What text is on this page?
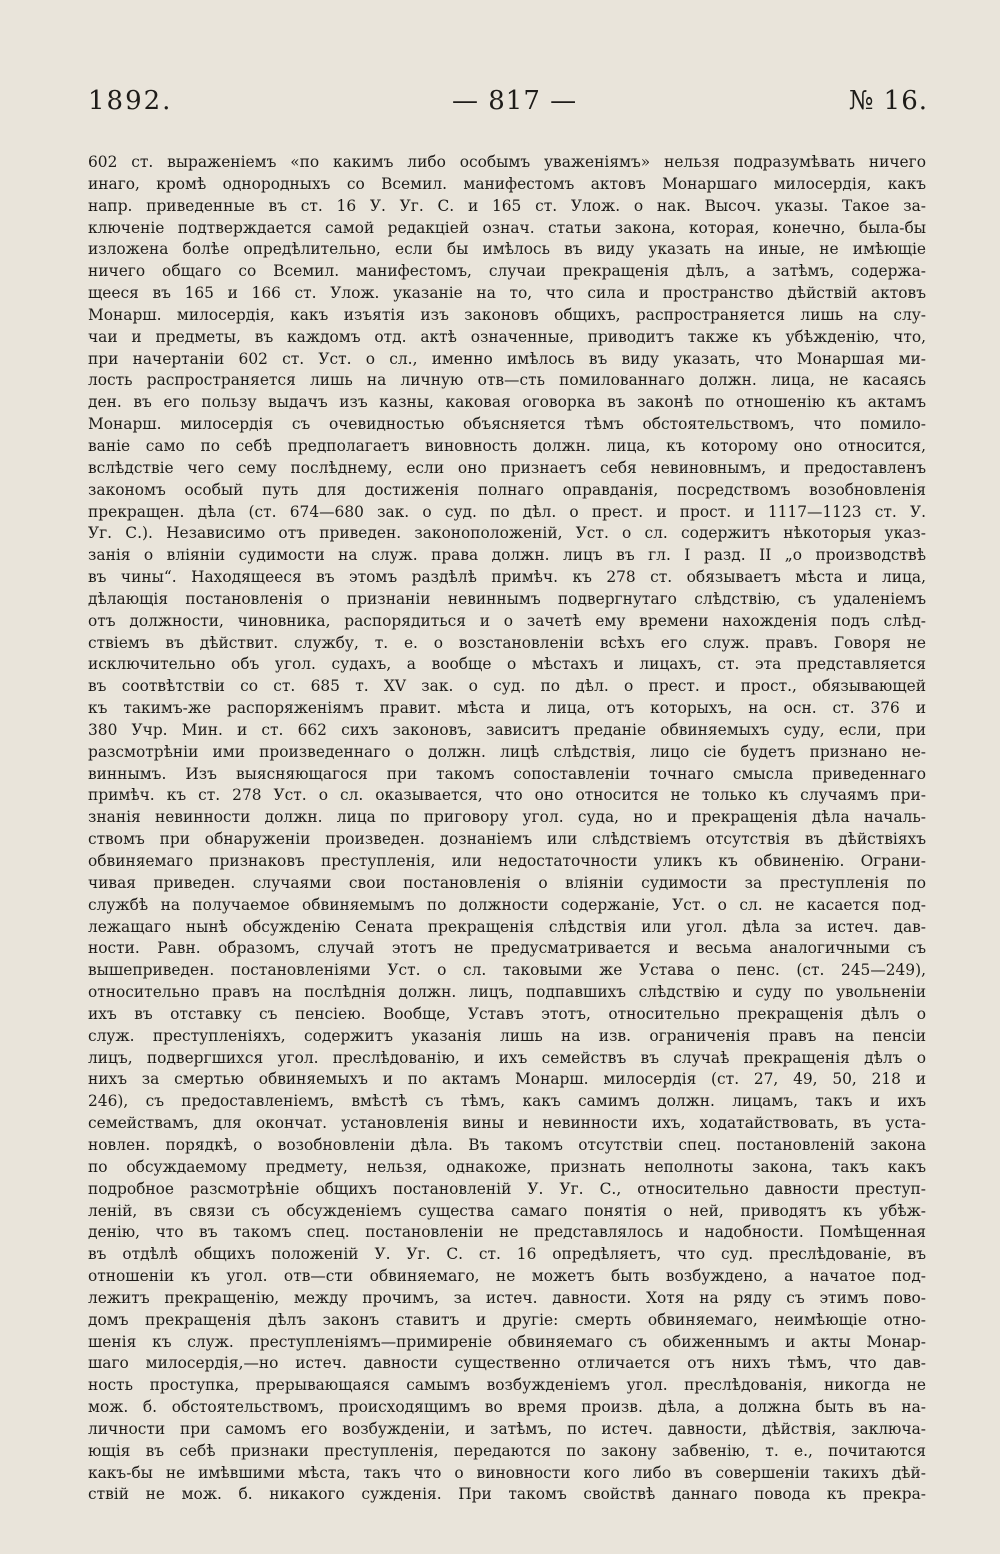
1892.	— 817 —	№ 16.
602 ст. выраженіемъ «по какимъ либо особымъ уваженіямъ» нельзя подразумѣвать ничего
инаго, кромѣ однородныхъ со Всемил. манифестомъ актовъ Монаршаго милосердія, какъ
напр. приведенные въ ст. 16 У. Уг. С. и 165 ст. Улож. о нак. Высоч. указы. Такое за-
ключеніе подтверждается самой редакціей означ. статьи закона, которая, конечно, была-бы
изложена болѣе опредѣлительно, если бы имѣлось въ виду указать на иные, не имѣющіе
ничего общаго со Всемил. манифестомъ, случаи прекращенія дѣлъ, а затѣмъ, содержа-
щееся въ 165 и 166 ст. Улож. указаніе на то, что сила и пространство дѣйствій актовъ
Монарш. милосердія, какъ изъятія изъ законовъ общихъ, распространяется лишь на слу-
чаи и предметы, въ каждомъ отд. актѣ означенные, приводитъ также къ убѣжденію, что,
при начертаніи 602 ст. Уст. о сл., именно имѣлось въ виду указать, что Монаршая ми-
лость распространяется лишь на личную отв—сть помилованнаго должн. лица, не касаясь
ден. въ его пользу выдачъ изъ казны, каковая оговорка въ законѣ по отношенію къ актамъ
Монарш. милосердія съ очевидностью объясняется тѣмъ обстоятельствомъ, что помило-
ваніе само по себѣ предполагаетъ виновность должн. лица, къ которому оно относится,
вслѣдствіе чего сему послѣднему, если оно признаетъ себя невиновнымъ, и предоставленъ
закономъ особый путь для достиженія полнаго оправданія, посредствомъ возобновленія
прекращен. дѣла (ст. 674—680 зак. о суд. по дѣл. о прест. и прост. и 1117—1123 ст. У.
Уг. С.). Независимо отъ приведен. законоположеній, Уст. о сл. содержитъ нѣкоторыя указ-
занія о вліяніи судимости на служ. права должн. лицъ въ гл. I разд. II „о производствѣ
въ чины“. Находящееся въ этомъ раздѣлѣ примѣч. къ 278 ст. обязываетъ мѣста и лица,
дѣлающія постановленія о признаніи невиннымъ подвергнутаго слѣдствію, съ удаленіемъ
отъ должности, чиновника, распорядиться и о зачетѣ ему времени нахожденія подъ слѣд-
ствіемъ въ дѣйствит. службу, т. е. о возстановленіи всѣхъ его служ. правъ. Говоря не
исключительно объ угол. судахъ, а вообще о мѣстахъ и лицахъ, ст. эта представляется
въ соотвѣтствіи со ст. 685 т. XV зак. о суд. по дѣл. о прест. и прост., обязывающей
къ такимъ-же распоряженіямъ правит. мѣста и лица, отъ которыхъ, на осн. ст. 376 и
380 Учр. Мин. и ст. 662 сихъ законовъ, зависитъ преданіе обвиняемыхъ суду, если, при
разсмотрѣніи ими произведеннаго о должн. лицѣ слѣдствія, лицо сіе будетъ признано не-
виннымъ. Изъ выясняющагося при такомъ сопоставленіи точнаго смысла приведеннаго
примѣч. къ ст. 278 Уст. о сл. оказывается, что оно относится не только къ случаямъ при-
знанія невинности должн. лица по приговору угол. суда, но и прекращенія дѣла началь-
ствомъ при обнаруженіи произведен. дознаніемъ или слѣдствіемъ отсутствія въ дѣйствіяхъ
обвиняемаго признаковъ преступленія, или недостаточности уликъ къ обвиненію. Ограни-
чивая приведен. случаями свои постановленія о вліяніи судимости за преступленія по
службѣ на получаемое обвиняемымъ по должности содержаніе, Уст. о сл. не касается под-
лежащаго нынѣ обсужденію Сената прекращенія слѣдствія или угол. дѣла за истеч. дав-
ности. Равн. образомъ, случай этотъ не предусматривается и весьма аналогичными съ
вышеприведен. постановленіями Уст. о сл. таковыми же Устава о пенс. (ст. 245—249),
относительно правъ на послѣднія должн. лицъ, подпавшихъ слѣдствію и суду по увольненіи
ихъ въ отставку съ пенсіею. Вообще, Уставъ этотъ, относительно прекращенія дѣлъ о
служ. преступленіяхъ, содержитъ указанія лишь на изв. ограниченія правъ на пенсіи
лицъ, подвергшихся угол. преслѣдованію, и ихъ семействъ въ случаѣ прекращенія дѣлъ о
нихъ за смертью обвиняемыхъ и по актамъ Монарш. милосердія (ст. 27, 49, 50, 218 и
246), съ предоставленіемъ, вмѣстѣ съ тѣмъ, какъ самимъ должн. лицамъ, такъ и ихъ
семействамъ, для окончат. установленія вины и невинности ихъ, ходатайствовать, въ уста-
новлен. порядкѣ, о возобновленіи дѣла. Въ такомъ отсутствіи спец. постановленій закона
по обсуждаемому предмету, нельзя, однакоже, признать неполноты закона, такъ какъ
подробное разсмотрѣніе общихъ постановленій У. Уг. С., относительно давности преступ-
леній, въ связи съ обсужденіемъ существа самаго понятія о ней, приводятъ къ убѣж-
денію, что въ такомъ спец. постановленіи не представлялось и надобности. Помѣщенная
въ отдѣлѣ общихъ положеній У. Уг. С. ст. 16 опредѣляетъ, что суд. преслѣдованіе, въ
отношеніи къ угол. отв—сти обвиняемаго, не можетъ быть возбуждено, а начатое под-
лежитъ прекращенію, между прочимъ, за истеч. давности. Хотя на ряду съ этимъ пово-
домъ прекращенія дѣлъ законъ ставитъ и другіе: смерть обвиняемаго, неимѣющіе отно-
шенія къ служ. преступленіямъ—примиреніе обвиняемаго съ обиженнымъ и акты Монар-
шаго милосердія,—но истеч. давности существенно отличается отъ нихъ тѣмъ, что дав-
ность проступка, прерывающаяся самымъ возбужденіемъ угол. преслѣдованія, никогда не
мож. б. обстоятельствомъ, происходящимъ во время произв. дѣла, а должна быть въ на-
личности при самомъ его возбужденіи, и затѣмъ, по истеч. давности, дѣйствія, заключа-
ющія въ себѣ признаки преступленія, передаются по закону забвенію, т. е., почитаются
какъ-бы не имѣвшими мѣста, такъ что о виновности кого либо въ совершеніи такихъ дѣй-
ствій не мож. б. никакого сужденія. При такомъ свойствѣ даннаго повода къ прекра-
